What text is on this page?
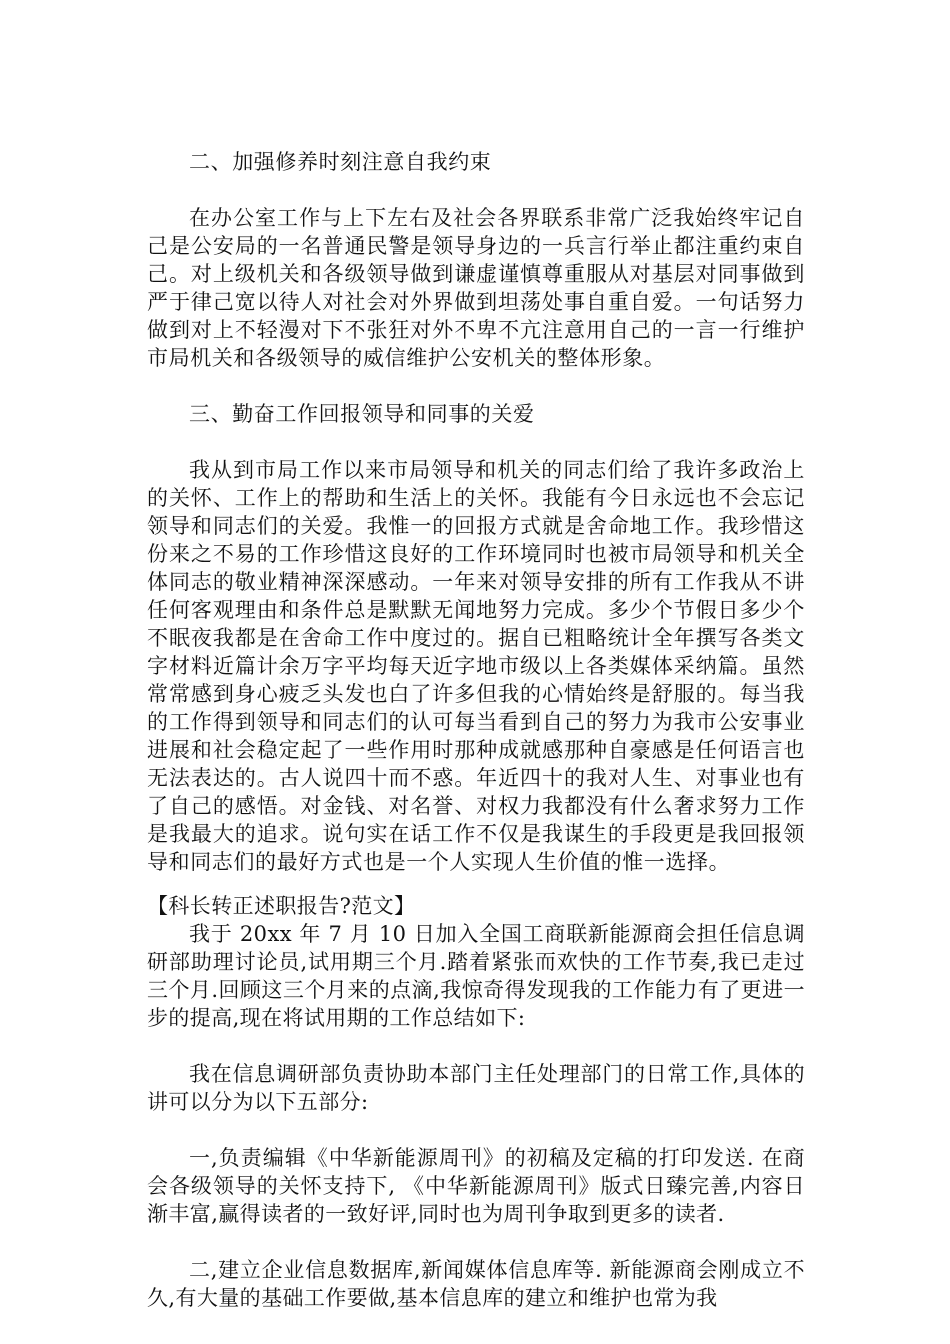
二、加强修养时刻注意自我约束

在办公室工作与上下左右及社会各界联系非常广泛我始终牢记自己是公安局的一名普通民警是领导身边的一兵言行举止都注重约束自己。对上级机关和各级领导做到谦虚谨慎尊重服从对基层对同事做到严于律己宽以待人对社会对外界做到坦荡处事自重自爱。一句话努力做到对上不轻漫对下不张狂对外不卑不亢注意用自己的一言一行维护市局机关和各级领导的威信维护公安机关的整体形象。

三、勤奋工作回报领导和同事的关爱

我从到市局工作以来市局领导和机关的同志们给了我许多政治上的关怀、工作上的帮助和生活上的关怀。我能有今日永远也不会忘记领导和同志们的关爱。我惟一的回报方式就是舍命地工作。我珍惜这份来之不易的工作珍惜这良好的工作环境同时也被市局领导和机关全体同志的敬业精神深深感动。一年来对领导安排的所有工作我从不讲任何客观理由和条件总是默默无闻地努力完成。多少个节假日多少个不眠夜我都是在舍命工作中度过的。据自已粗略统计全年撰写各类文字材料近篇计余万字平均每天近字地市级以上各类媒体采纳篇。虽然常常感到身心疲乏头发也白了许多但我的心情始终是舒服的。每当我的工作得到领导和同志们的认可每当看到自己的努力为我市公安事业进展和社会稳定起了一些作用时那种成就感那种自豪感是任何语言也无法表达的。古人说四十而不惑。年近四十的我对人生、对事业也有了自己的感悟。对金钱、对名誉、对权力我都没有什么奢求努力工作是我最大的追求。说句实在话工作不仅是我谋生的手段更是我回报领导和同志们的最好方式也是一个人实现人生价值的惟一选择。

【科长转正述职报告?范文】

我于 20xx 年 7 月 10 日加入全国工商联新能源商会担任信息调研部助理讨论员,试用期三个月.踏着紧张而欢快的工作节奏,我已走过三个月.回顾这三个月来的点滴,我惊奇得发现我的工作能力有了更进一步的提高,现在将试用期的工作总结如下:

我在信息调研部负责协助本部门主任处理部门的日常工作,具体的讲可以分为以下五部分:

一,负责编辑《中华新能源周刊》的初稿及定稿的打印发送. 在商会各级领导的关怀支持下, 《中华新能源周刊》版式日臻完善,内容日渐丰富,赢得读者的一致好评,同时也为周刊争取到更多的读者.

二,建立企业信息数据库,新闻媒体信息库等. 新能源商会刚成立不久,有大量的基础工作要做,基本信息库的建立和维护也常为我
